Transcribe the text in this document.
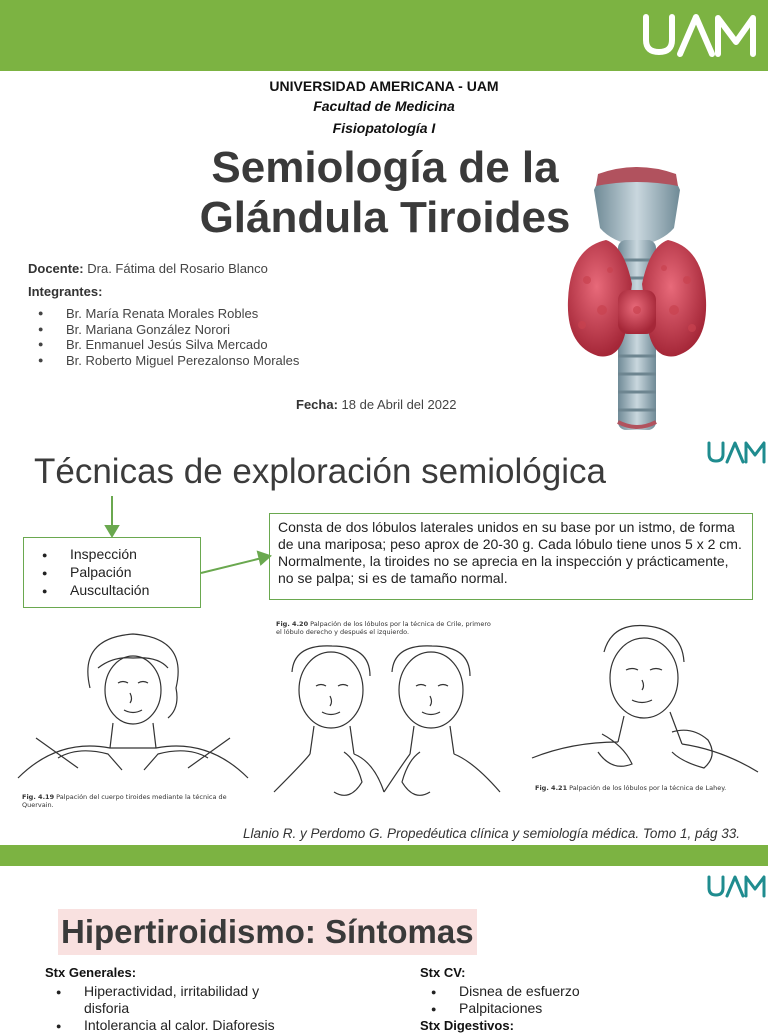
UNIVERSIDAD AMERICANA - UAM
Facultad de Medicina
Fisiopatología I
Semiología de la
Glándula Tiroides
Docente: Dra. Fátima del Rosario Blanco
Integrantes:
● Br. María Renata Morales Robles
● Br. Mariana González Norori
● Br. Enmanuel Jesús Silva Mercado
● Br. Roberto Miguel Perezalonso Morales
Fecha: 18 de Abril del 2022
Técnicas de exploración semiológica
● Inspección
● Palpación
● Auscultación
Consta de dos lóbulos laterales unidos en su base por un istmo, de forma de una mariposa; peso aprox de 20-30 g. Cada lóbulo tiene unos 5 x 2 cm. Normalmente, la tiroides no se aprecia en la inspección y prácticamente, no se palpa; si es de tamaño normal.
Fig. 4.19 Palpación del cuerpo tiroides mediante la técnica de Quervain.
Fig. 4.20 Palpación de los lóbulos por la técnica de Crile, primero el lóbulo derecho y después el izquierdo.
Fig. 4.21 Palpación de los lóbulos por la técnica de Lahey.
Llanio R. y Perdomo G. Propedéutica clínica y semiología médica. Tomo 1, pág 33.
Hipertiroidismo: Síntomas
Stx Generales:
● Hiperactividad, irritabilidad y disforia
● Intolerancia al calor. Diaforesis
Stx CV:
● Disnea de esfuerzo
● Palpitaciones
Stx Digestivos:
